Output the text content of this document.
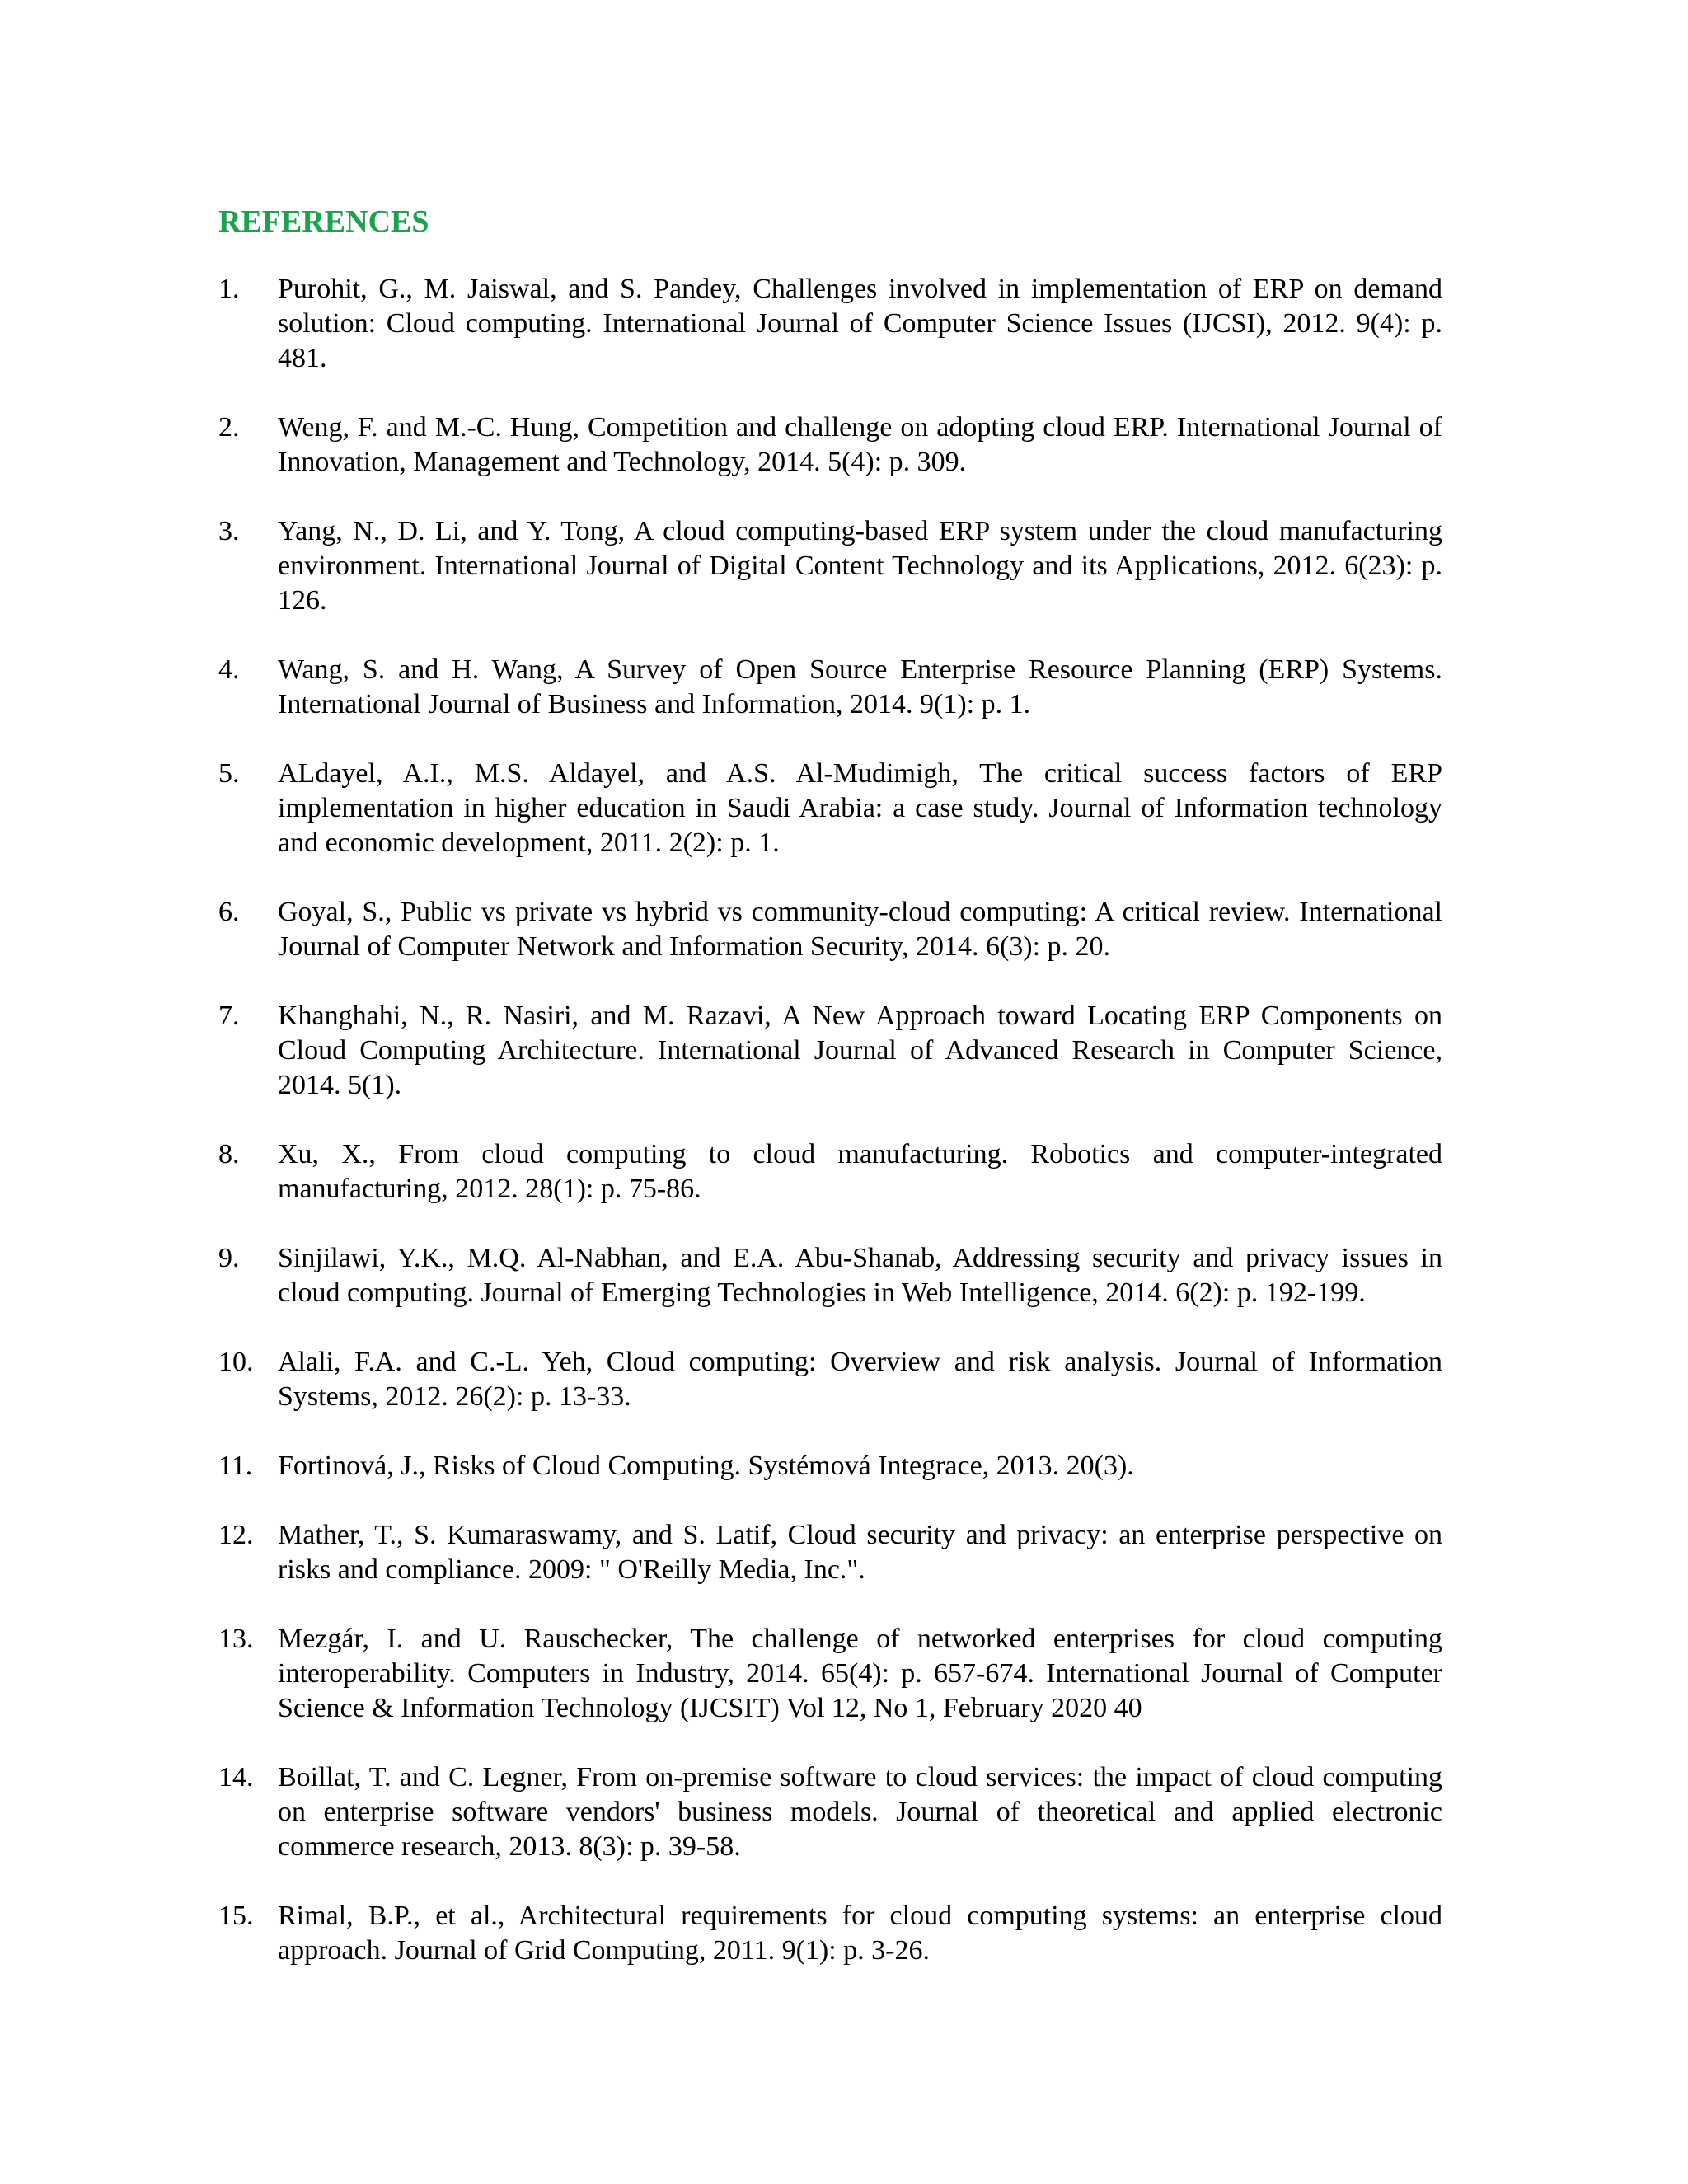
REFERENCES
1. Purohit, G., M. Jaiswal, and S. Pandey, Challenges involved in implementation of ERP on demand solution: Cloud computing. International Journal of Computer Science Issues (IJCSI), 2012. 9(4): p. 481.
2. Weng, F. and M.-C. Hung, Competition and challenge on adopting cloud ERP. International Journal of Innovation, Management and Technology, 2014. 5(4): p. 309.
3. Yang, N., D. Li, and Y. Tong, A cloud computing-based ERP system under the cloud manufacturing environment. International Journal of Digital Content Technology and its Applications, 2012. 6(23): p. 126.
4. Wang, S. and H. Wang, A Survey of Open Source Enterprise Resource Planning (ERP) Systems. International Journal of Business and Information, 2014. 9(1): p. 1.
5. ALdayel, A.I., M.S. Aldayel, and A.S. Al-Mudimigh, The critical success factors of ERP implementation in higher education in Saudi Arabia: a case study. Journal of Information technology and economic development, 2011. 2(2): p. 1.
6. Goyal, S., Public vs private vs hybrid vs community-cloud computing: A critical review. International Journal of Computer Network and Information Security, 2014. 6(3): p. 20.
7. Khanghahi, N., R. Nasiri, and M. Razavi, A New Approach toward Locating ERP Components on Cloud Computing Architecture. International Journal of Advanced Research in Computer Science, 2014. 5(1).
8. Xu, X., From cloud computing to cloud manufacturing. Robotics and computer-integrated manufacturing, 2012. 28(1): p. 75-86.
9. Sinjilawi, Y.K., M.Q. Al-Nabhan, and E.A. Abu-Shanab, Addressing security and privacy issues in cloud computing. Journal of Emerging Technologies in Web Intelligence, 2014. 6(2): p. 192-199.
10. Alali, F.A. and C.-L. Yeh, Cloud computing: Overview and risk analysis. Journal of Information Systems, 2012. 26(2): p. 13-33.
11. Fortinová, J., Risks of Cloud Computing. Systémová Integrace, 2013. 20(3).
12. Mather, T., S. Kumaraswamy, and S. Latif, Cloud security and privacy: an enterprise perspective on risks and compliance. 2009: " O'Reilly Media, Inc.".
13. Mezgár, I. and U. Rauschecker, The challenge of networked enterprises for cloud computing interoperability. Computers in Industry, 2014. 65(4): p. 657-674. International Journal of Computer Science & Information Technology (IJCSIT) Vol 12, No 1, February 2020 40
14. Boillat, T. and C. Legner, From on-premise software to cloud services: the impact of cloud computing on enterprise software vendors' business models. Journal of theoretical and applied electronic commerce research, 2013. 8(3): p. 39-58.
15. Rimal, B.P., et al., Architectural requirements for cloud computing systems: an enterprise cloud approach. Journal of Grid Computing, 2011. 9(1): p. 3-26.
